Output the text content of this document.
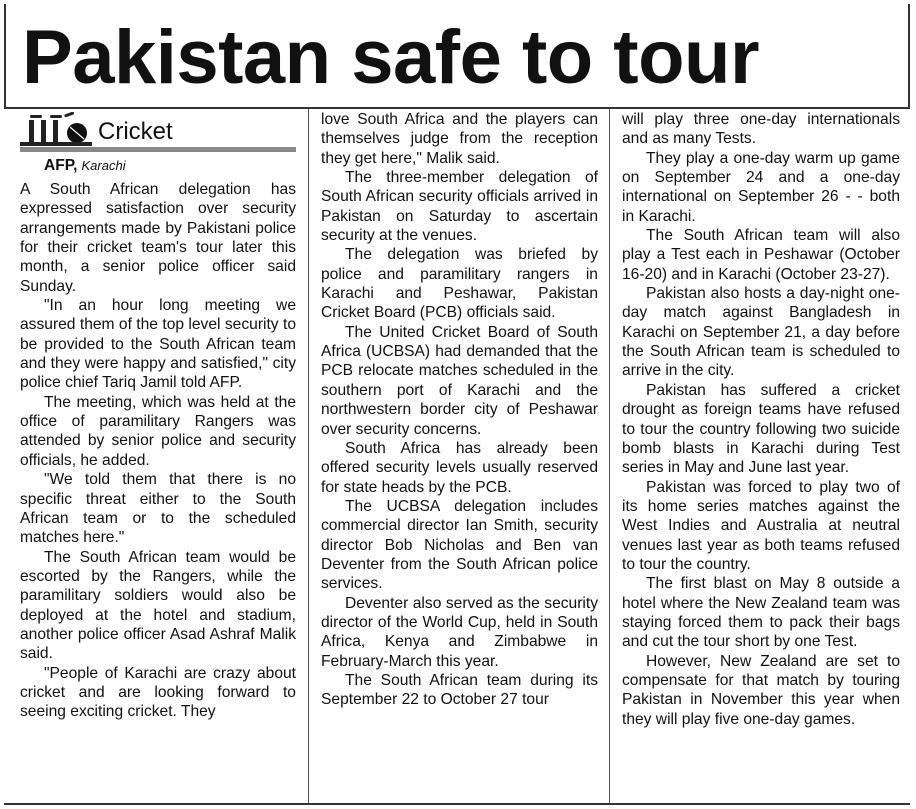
Pakistan safe to tour
Cricket

AFP, Karachi

A South African delegation has expressed satisfaction over security arrangements made by Pakistani police for their cricket team's tour later this month, a senior police officer said Sunday.

"In an hour long meeting we assured them of the top level security to be provided to the South African team and they were happy and satisfied," city police chief Tariq Jamil told AFP.

The meeting, which was held at the office of paramilitary Rangers was attended by senior police and security officials, he added.

"We told them that there is no specific threat either to the South African team or to the scheduled matches here."

The South African team would be escorted by the Rangers, while the paramilitary soldiers would also be deployed at the hotel and stadium, another police officer Asad Ashraf Malik said.

"People of Karachi are crazy about cricket and are looking forward to seeing exciting cricket. They

love South Africa and the players can themselves judge from the reception they get here," Malik said.

The three-member delegation of South African security officials arrived in Pakistan on Saturday to ascertain security at the venues.

The delegation was briefed by police and paramilitary rangers in Karachi and Peshawar, Pakistan Cricket Board (PCB) officials said.

The United Cricket Board of South Africa (UCBSA) had demanded that the PCB relocate matches scheduled in the southern port of Karachi and the northwestern border city of Peshawar over security concerns.

South Africa has already been offered security levels usually reserved for state heads by the PCB.

The UCBSA delegation includes commercial director Ian Smith, security director Bob Nicholas and Ben van Deventer from the South African police services.

Deventer also served as the security director of the World Cup, held in South Africa, Kenya and Zimbabwe in February-March this year.

The South African team during its September 22 to October 27 tour

will play three one-day internationals and as many Tests.

They play a one-day warm up game on September 24 and a one-day international on September 26 - - both in Karachi.

The South African team will also play a Test each in Peshawar (October 16-20) and in Karachi (October 23-27).

Pakistan also hosts a day-night one-day match against Bangladesh in Karachi on September 21, a day before the South African team is scheduled to arrive in the city.

Pakistan has suffered a cricket drought as foreign teams have refused to tour the country following two suicide bomb blasts in Karachi during Test series in May and June last year.

Pakistan was forced to play two of its home series matches against the West Indies and Australia at neutral venues last year as both teams refused to tour the country.

The first blast on May 8 outside a hotel where the New Zealand team was staying forced them to pack their bags and cut the tour short by one Test.

However, New Zealand are set to compensate for that match by touring Pakistan in November this year when they will play five one-day games.
